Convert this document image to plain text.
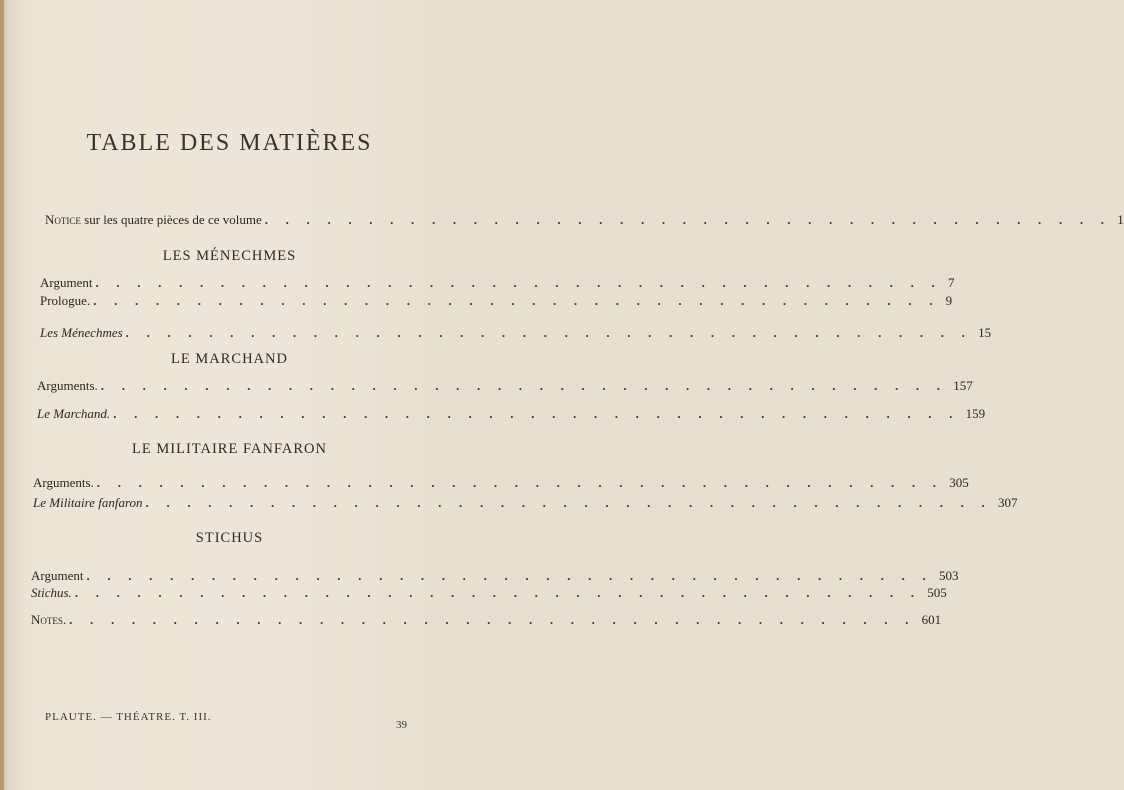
TABLE DES MATIÈRES
Notice sur les quatre pièces de ce volume . . . . . . . . . . . . . . . . . . . . . . . . . . . . . . . . . . . . . . . . . 1
LES MÉNECHMES
Argument . . . . . . . . . . . . . . . . . . . . . . . . . . . . . . . . . . . . . . . . . 7
Prologue. . . . . . . . . . . . . . . . . . . . . . . . . . . . . . . . . . . . . . . . . . 9
Les Ménechmes . . . . . . . . . . . . . . . . . . . . . . . . . . . . . . . . . . . . . . . . . 15
LE MARCHAND
Arguments. . . . . . . . . . . . . . . . . . . . . . . . . . . . . . . . . . . . . . . . . . 157
Le Marchand. . . . . . . . . . . . . . . . . . . . . . . . . . . . . . . . . . . . . . . . . . 159
LE MILITAIRE FANFARON
Arguments. . . . . . . . . . . . . . . . . . . . . . . . . . . . . . . . . . . . . . . . . . 305
Le Militaire fanfaron . . . . . . . . . . . . . . . . . . . . . . . . . . . . . . . . . . . . . . . . . 307
STICHUS
Argument . . . . . . . . . . . . . . . . . . . . . . . . . . . . . . . . . . . . . . . . . 503
Stichus. . . . . . . . . . . . . . . . . . . . . . . . . . . . . . . . . . . . . . . . . . 505
Notes. . . . . . . . . . . . . . . . . . . . . . . . . . . . . . . . . . . . . . . . . . 601
PLAUTE. — THÉATRE. T. III.
39
